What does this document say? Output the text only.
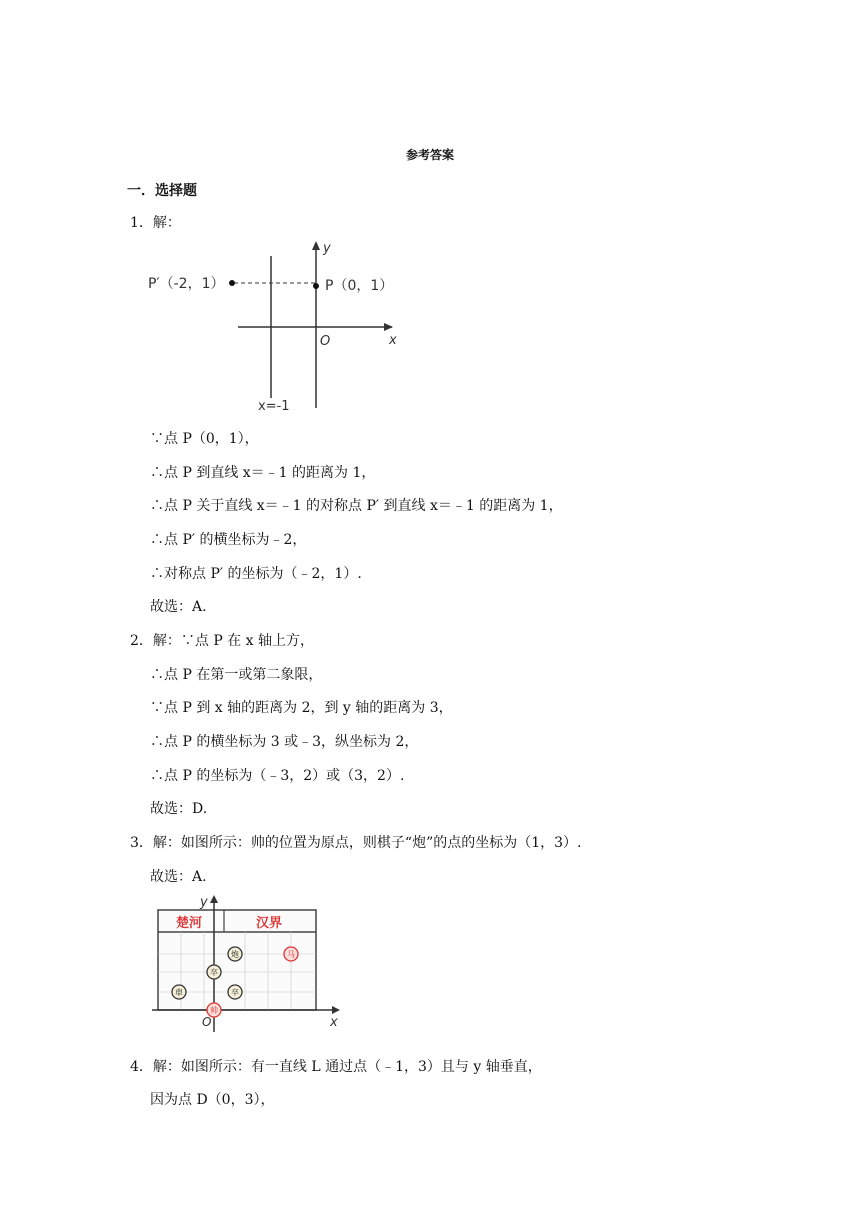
参考答案
一．选择题
1．解：
P′（-2，1）	P（0，1）
y
x
O
x=-1
∵点 P（0，1），
∴点 P 到直线 x＝﹣1 的距离为 1，
∴点 P 关于直线 x＝﹣1 的对称点 P′ 到直线 x＝﹣1 的距离为 1，
∴点 P′ 的横坐标为﹣2，
∴对称点 P′ 的坐标为（﹣2，1）.
故选：A.
2．解：∵点 P 在 x 轴上方，
∴点 P 在第一或第二象限，
∵点 P 到 x 轴的距离为 2，到 y 轴的距离为 3，
∴点 P 的横坐标为 3 或﹣3，纵坐标为 2，
∴点 P 的坐标为（﹣3，2）或（3，2）.
故选：D.
3．解：如图所示：帅的位置为原点，则棋子“炮”的点的坐标为（1，3）.
故选：A.
楚河	汉界
y
x
O
炮	马
卒
車	卒
帅
4．解：如图所示：有一直线 L 通过点（﹣1，3）且与 y 轴垂直，
因为点 D（0，3），
